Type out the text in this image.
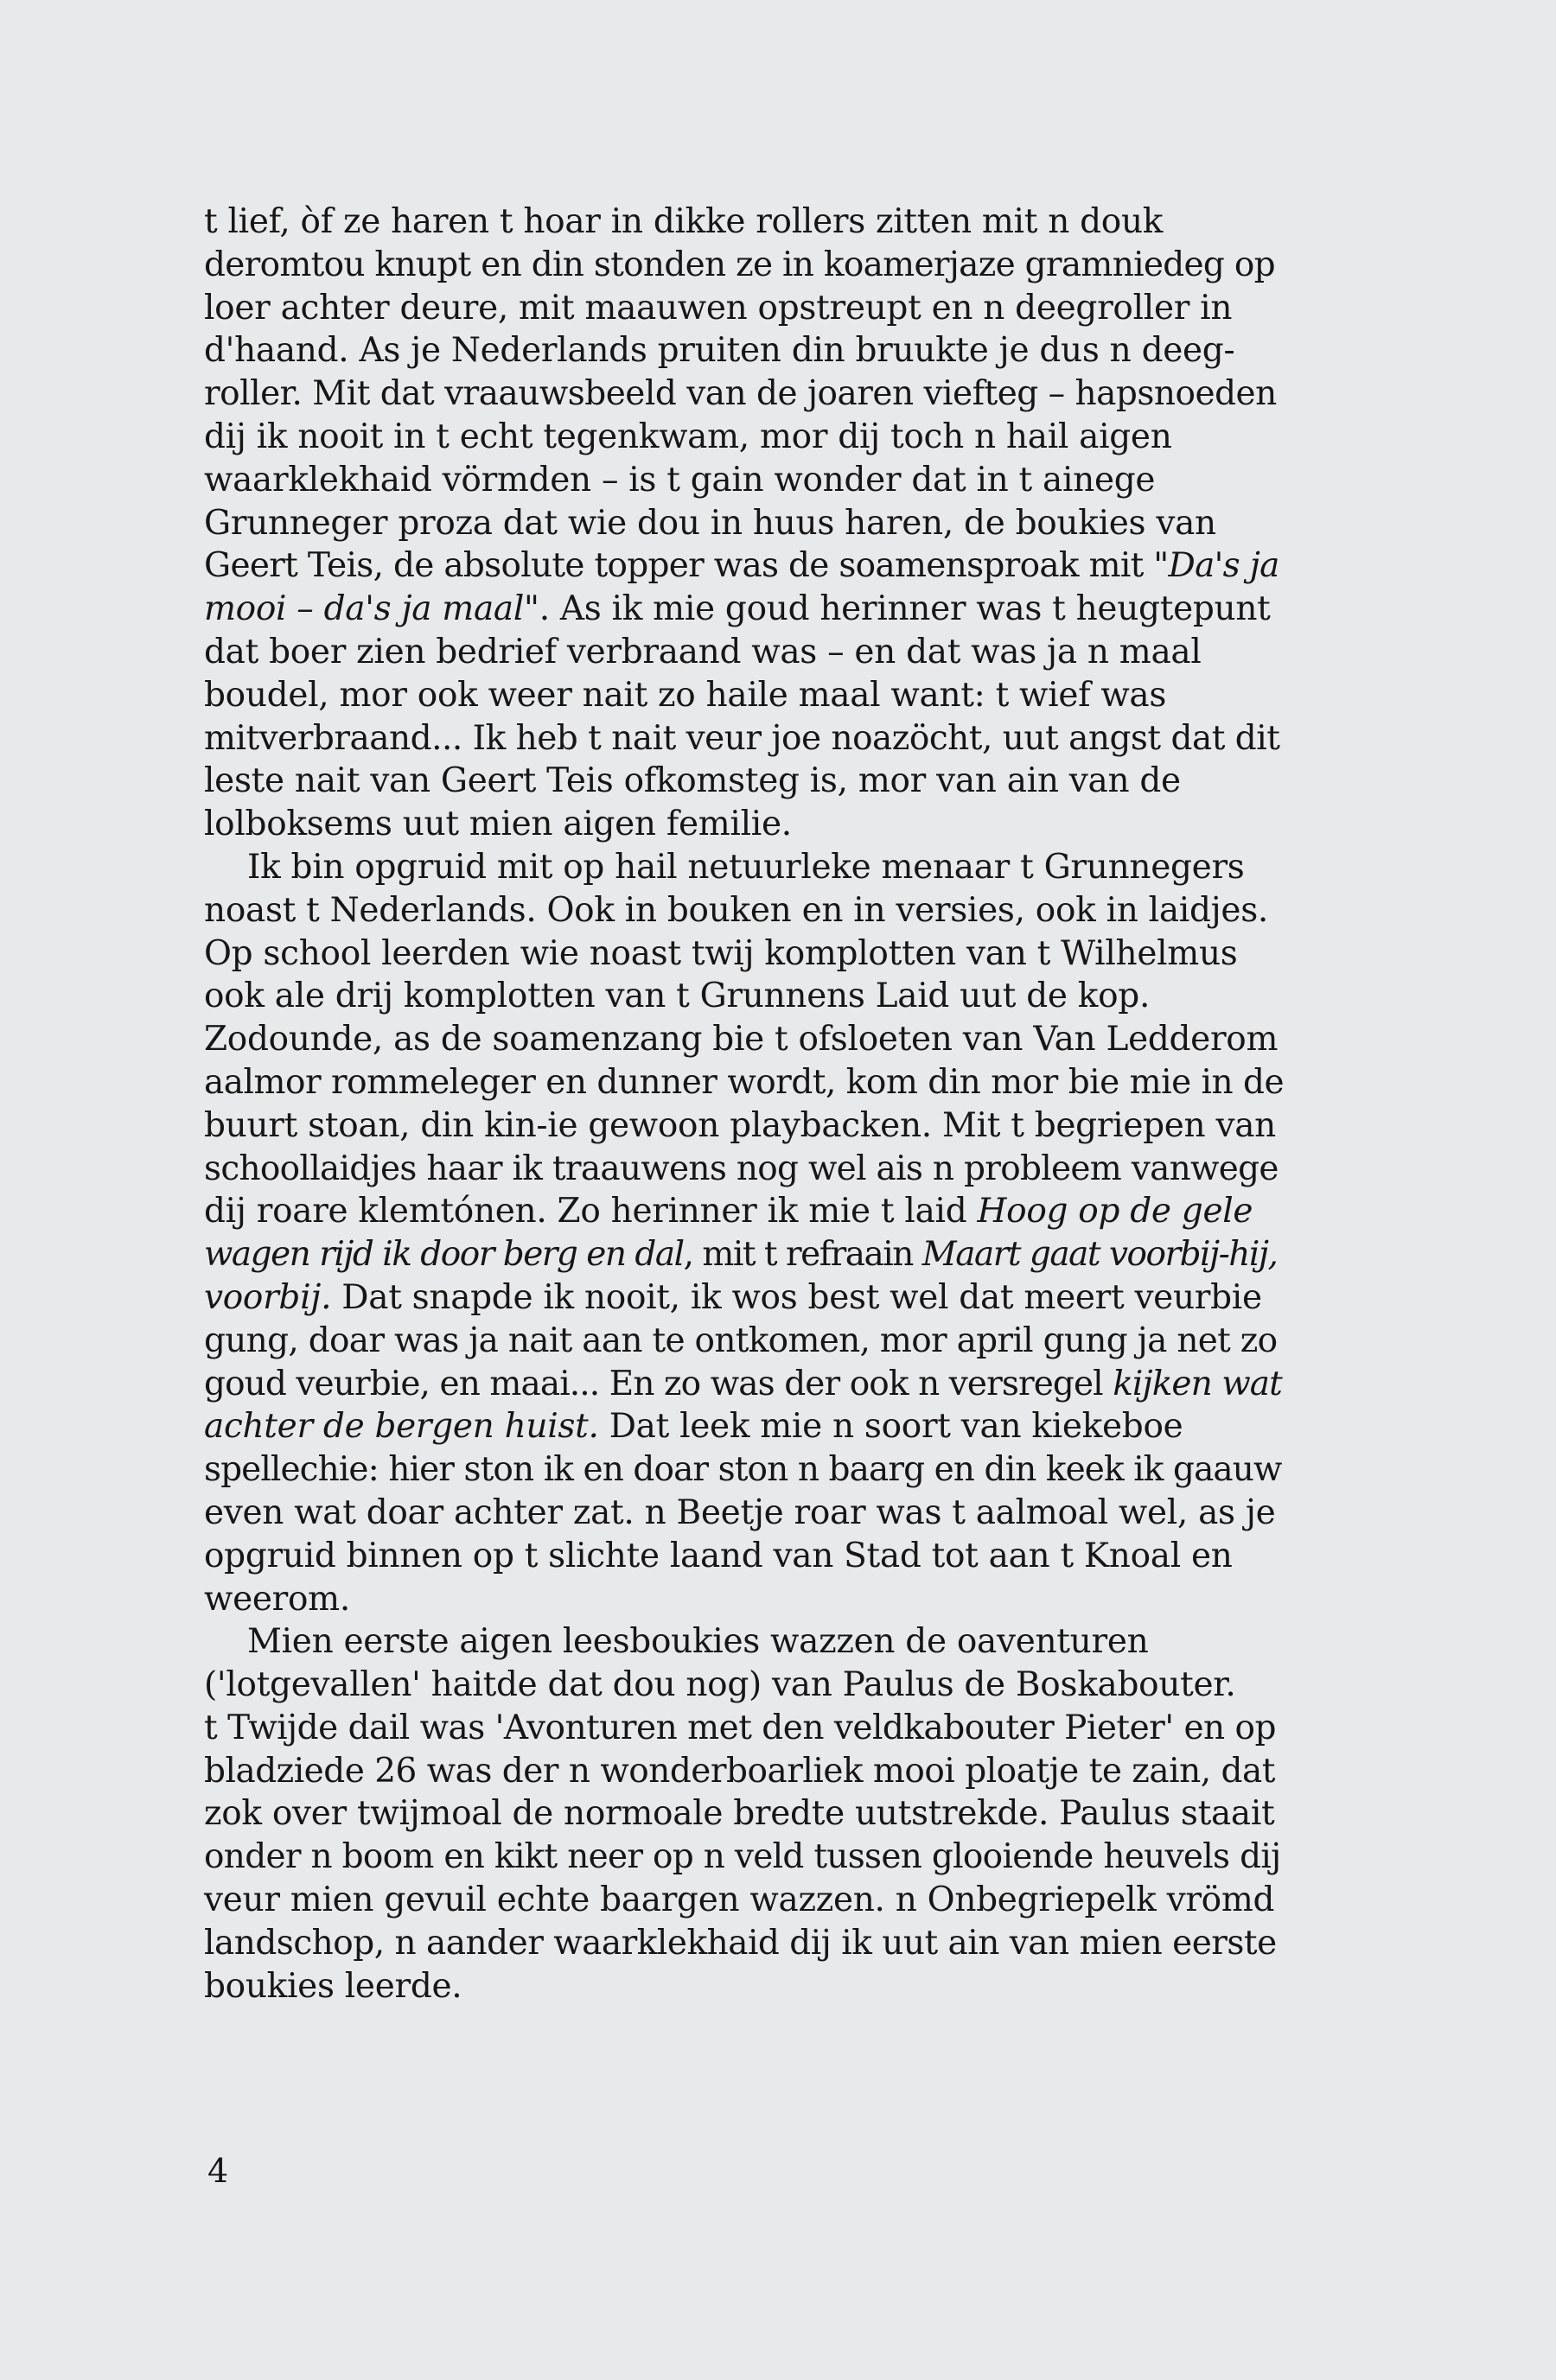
t lief, òf ze haren t hoar in dikke rollers zitten mit n douk
deromtou knupt en din stonden ze in koamerjaze gramniedeg op
loer achter deure, mit maauwen opstreupt en n deegroller in
d'haand. As je Nederlands pruiten din bruukte je dus n deeg-
roller. Mit dat vraauwsbeeld van de joaren viefteg – hapsnoeden
dij ik nooit in t echt tegenkwam, mor dij toch n hail aigen
waarklekhaid vörmden – is t gain wonder dat in t ainege
Grunneger proza dat wie dou in huus haren, de boukies van
Geert Teis, de absolute topper was de soamensproak mit "Da's ja
mooi – da's ja maal". As ik mie goud herinner was t heugtepunt
dat boer zien bedrief verbraand was – en dat was ja n maal
boudel, mor ook weer nait zo haile maal want: t wief was
mitverbraand... Ik heb t nait veur joe noazöcht, uut angst dat dit
leste nait van Geert Teis ofkomsteg is, mor van ain van de
lolboksems uut mien aigen femilie.
Ik bin opgruid mit op hail netuurleke menaar t Grunnegers
noast t Nederlands. Ook in bouken en in versies, ook in laidjes.
Op school leerden wie noast twij komplotten van t Wilhelmus
ook ale drij komplotten van t Grunnens Laid uut de kop.
Zodounde, as de soamenzang bie t ofsloeten van Van Ledderom
aalmor rommeleger en dunner wordt, kom din mor bie mie in de
buurt stoan, din kin-ie gewoon playbacken. Mit t begriepen van
schoollaidjes haar ik traauwens nog wel ais n probleem vanwege
dij roare klemtónen. Zo herinner ik mie t laid Hoog op de gele
wagen rijd ik door berg en dal, mit t refraain Maart gaat voorbij-hij,
voorbij. Dat snapde ik nooit, ik wos best wel dat meert veurbie
gung, doar was ja nait aan te ontkomen, mor april gung ja net zo
goud veurbie, en maai... En zo was der ook n versregel kijken wat
achter de bergen huist. Dat leek mie n soort van kiekeboe
spellechie: hier ston ik en doar ston n baarg en din keek ik gaauw
even wat doar achter zat. n Beetje roar was t aalmoal wel, as je
opgruid binnen op t slichte laand van Stad tot aan t Knoal en
weerom.
Mien eerste aigen leesboukies wazzen de oaventuren
('lotgevallen' haitde dat dou nog) van Paulus de Boskabouter.
t Twijde dail was 'Avonturen met den veldkabouter Pieter' en op
bladziede 26 was der n wonderboarliek mooi ploatje te zain, dat
zok over twijmoal de normoale bredte uutstrekde. Paulus staait
onder n boom en kikt neer op n veld tussen glooiende heuvels dij
veur mien gevuil echte baargen wazzen. n Onbegriepelk vrömd
landschop, n aander waarklekhaid dij ik uut ain van mien eerste
boukies leerde.
4
